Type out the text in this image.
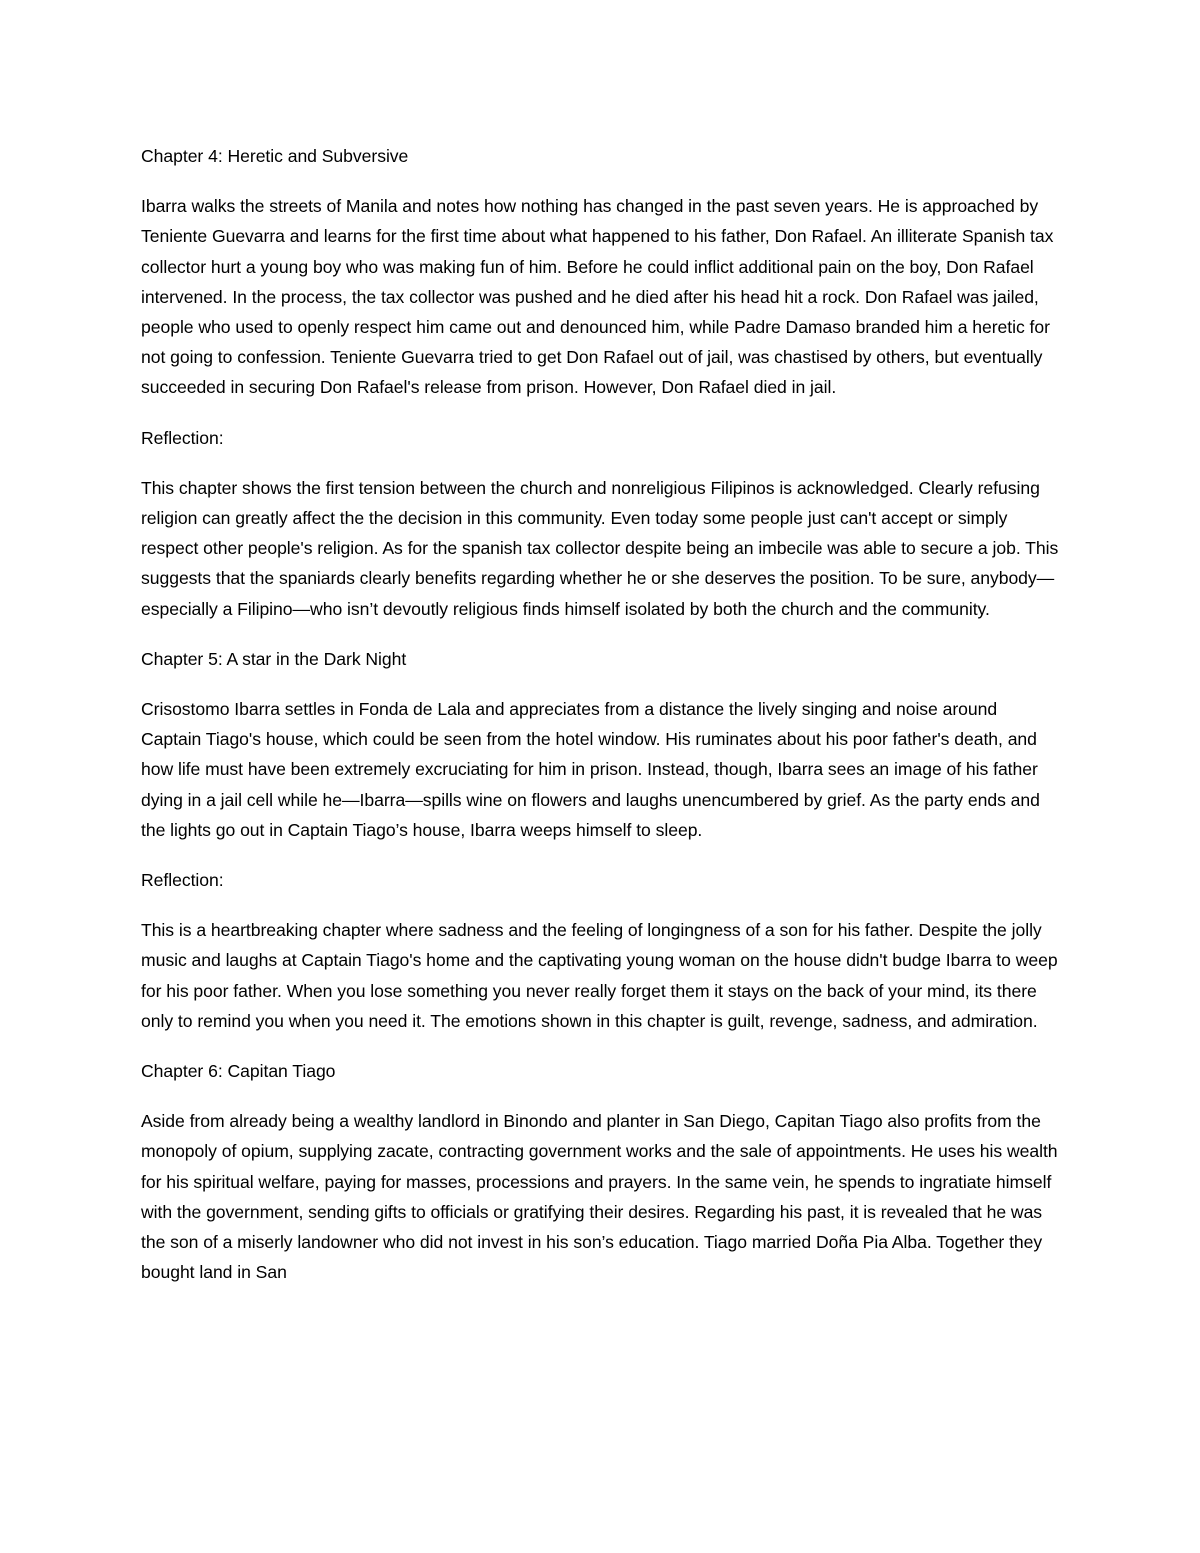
Chapter 4: Heretic and Subversive

Ibarra walks the streets of Manila and notes how nothing has changed in the past seven years. He is approached by Teniente Guevarra and learns for the first time about what happened to his father, Don Rafael. An illiterate Spanish tax collector hurt a young boy who was making fun of him. Before he could inflict additional pain on the boy, Don Rafael intervened. In the process, the tax collector was pushed and he died after his head hit a rock. Don Rafael was jailed, people who used to openly respect him came out and denounced him, while Padre Damaso branded him a heretic for not going to confession. Teniente Guevarra tried to get Don Rafael out of jail, was chastised by others, but eventually succeeded in securing Don Rafael's release from prison. However, Don Rafael died in jail.

Reflection:

This chapter shows the first tension between the church and nonreligious Filipinos is acknowledged. Clearly refusing religion can greatly affect the the decision in this community. Even today some people just can't accept or simply respect other people's religion. As for the spanish tax collector despite being an imbecile was able to secure a job. This suggests that the spaniards clearly benefits regarding whether he or she deserves the position. To be sure, anybody—especially a Filipino—who isn’t devoutly religious finds himself isolated by both the church and the community.

Chapter 5: A star in the Dark Night

Crisostomo Ibarra settles in Fonda de Lala and appreciates from a distance the lively singing and noise around Captain Tiago's house, which could be seen from the hotel window. His ruminates about his poor father's death, and how life must have been extremely excruciating for him in prison. Instead, though, Ibarra sees an image of his father dying in a jail cell while he—Ibarra—spills wine on flowers and laughs unencumbered by grief. As the party ends and the lights go out in Captain Tiago’s house, Ibarra weeps himself to sleep.

Reflection:

This is a heartbreaking chapter where sadness and the feeling of longingness of a son for his father. Despite the jolly music and laughs at Captain Tiago's home and the captivating young woman on the house didn't budge Ibarra to weep for his poor father. When you lose something you never really forget them it stays on the back of your mind, its there only to remind you when you need it. The emotions shown in this chapter is guilt, revenge, sadness, and admiration.

Chapter 6: Capitan Tiago

Aside from already being a wealthy landlord in Binondo and planter in San Diego, Capitan Tiago also profits from the monopoly of opium, supplying zacate, contracting government works and the sale of appointments. He uses his wealth for his spiritual welfare, paying for masses, processions and prayers. In the same vein, he spends to ingratiate himself with the government, sending gifts to officials or gratifying their desires. Regarding his past, it is revealed that he was the son of a miserly landowner who did not invest in his son’s education. Tiago married Doña Pia Alba. Together they bought land in San
